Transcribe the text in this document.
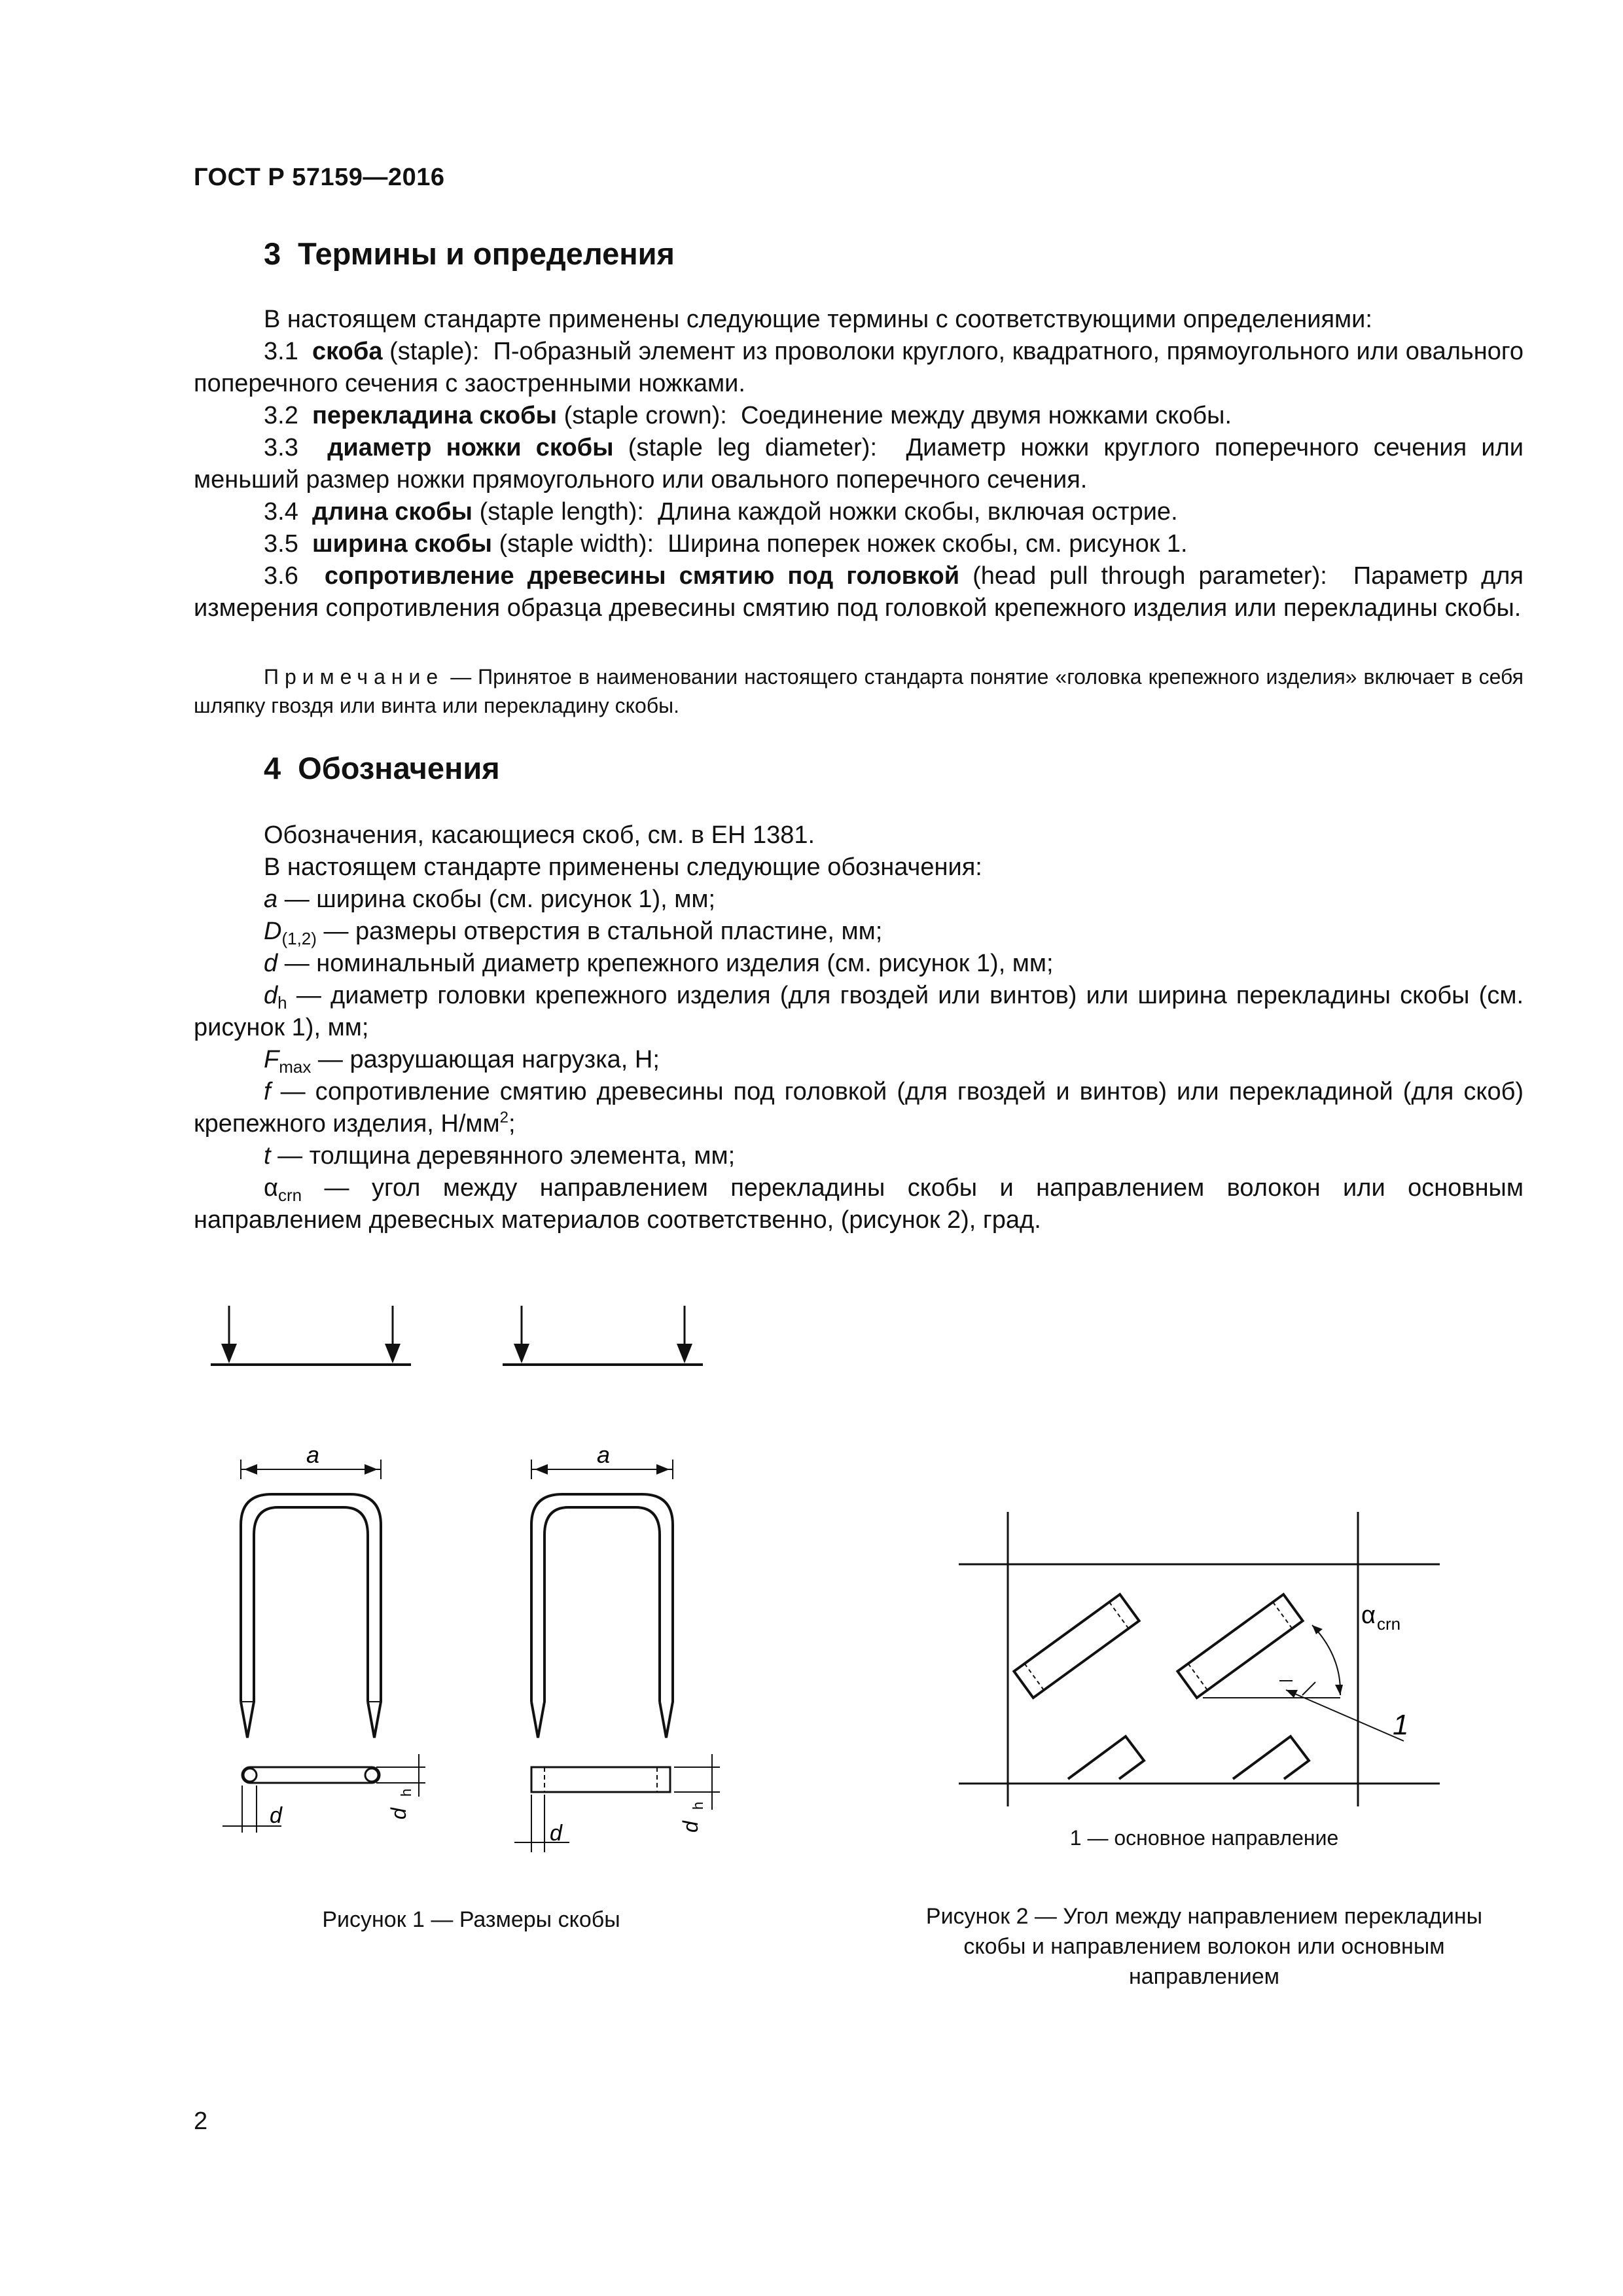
ГОСТ Р 57159—2016
3 Термины и определения

В настоящем стандарте применены следующие термины с соответствующими определениями:

3.1 скоба (staple): П-образный элемент из проволоки круглого, квадратного, прямоугольного или овального поперечного сечения с заостренными ножками.

3.2 перекладина скобы (staple crown): Соединение между двумя ножками скобы.

3.3 диаметр ножки скобы (staple leg diameter): Диаметр ножки круглого поперечного сечения или меньший размер ножки прямоугольного или овального поперечного сечения.

3.4 длина скобы (staple length): Длина каждой ножки скобы, включая острие.

3.5 ширина скобы (staple width): Ширина поперек ножек скобы, см. рисунок 1.

3.6 сопротивление древесины смятию под головкой (head pull through parameter): Параметр для измерения сопротивления образца древесины смятию под головкой крепежного изделия или перекладины скобы.

Примечание — Принятое в наименовании настоящего стандарта понятие «головка крепежного изделия» включает в себя шляпку гвоздя или винта или перекладину скобы.

4 Обозначения

Обозначения, касающиеся скоб, см. в ЕН 1381.

В настоящем стандарте применены следующие обозначения:

a — ширина скобы (см. рисунок 1), мм;

$D_{(1,2)}$ — размеры отверстия в стальной пластине, мм;

d — номинальный диаметр крепежного изделия (см. рисунок 1), мм;

$d_h$ — диаметр головки крепежного изделия (для гвоздей или винтов) или ширина перекладины скобы (см. рисунок 1), мм;

$F_{max}$ — разрушающая нагрузка, Н;

f — сопротивление смятию древесины под головкой (для гвоздей и винтов) или перекладиной (для скоб) крепежного изделия, $Н/мм^2$;

t — толщина деревянного элемента, мм;

$\alpha_{crn}$ — угол между направлением перекладины скобы и направлением волокон или основным направлением древесных материалов соответственно, (рисунок 2), град.

a	a
d	d
h
d	d
h
Рисунок 1 — Размеры скобы
α crn
1
1 — основное направление
Рисунок 2 — Угол между направлением перекладины
скобы и направлением волокон или основным
направлением
2
